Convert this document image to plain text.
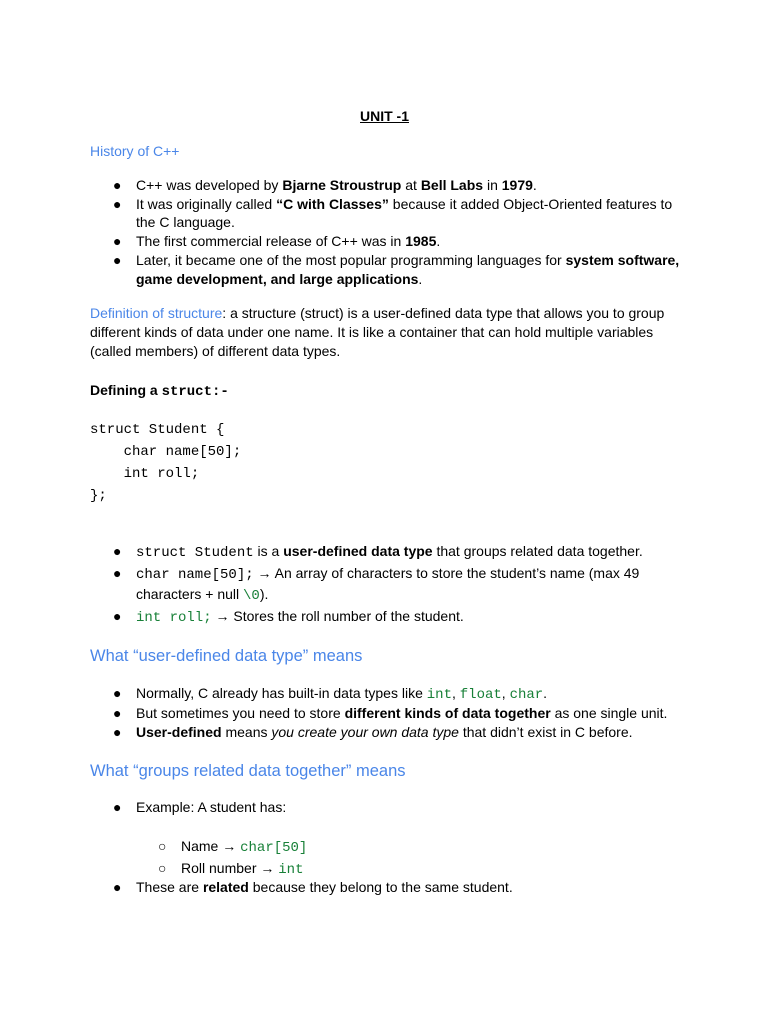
UNIT -1
History of C++
● C++ was developed by Bjarne Stroustrup at Bell Labs in 1979.
● It was originally called “C with Classes” because it added Object-Oriented features to
the C language.
● The first commercial release of C++ was in 1985.
● Later, it became one of the most popular programming languages for system software,
game development, and large applications.
Definition of structure: a structure (struct) is a user-defined data type that allows you to group
different kinds of data under one name. It is like a container that can hold multiple variables
(called members) of different data types.
Defining a struct:-
struct Student {
char name[50];
int roll;
};
● struct Student is a user-defined data type that groups related data together.
● char name[50]; → An array of characters to store the student’s name (max 49
characters + null \0).
● int roll; → Stores the roll number of the student.
What “user-defined data type” means
● Normally, C already has built-in data types like int, float, char.
● But sometimes you need to store different kinds of data together as one single unit.
● User-defined means you create your own data type that didn’t exist in C before.
What “groups related data together” means
● Example: A student has:
○ Name → char[50]
○ Roll number → int
● These are related because they belong to the same student.
